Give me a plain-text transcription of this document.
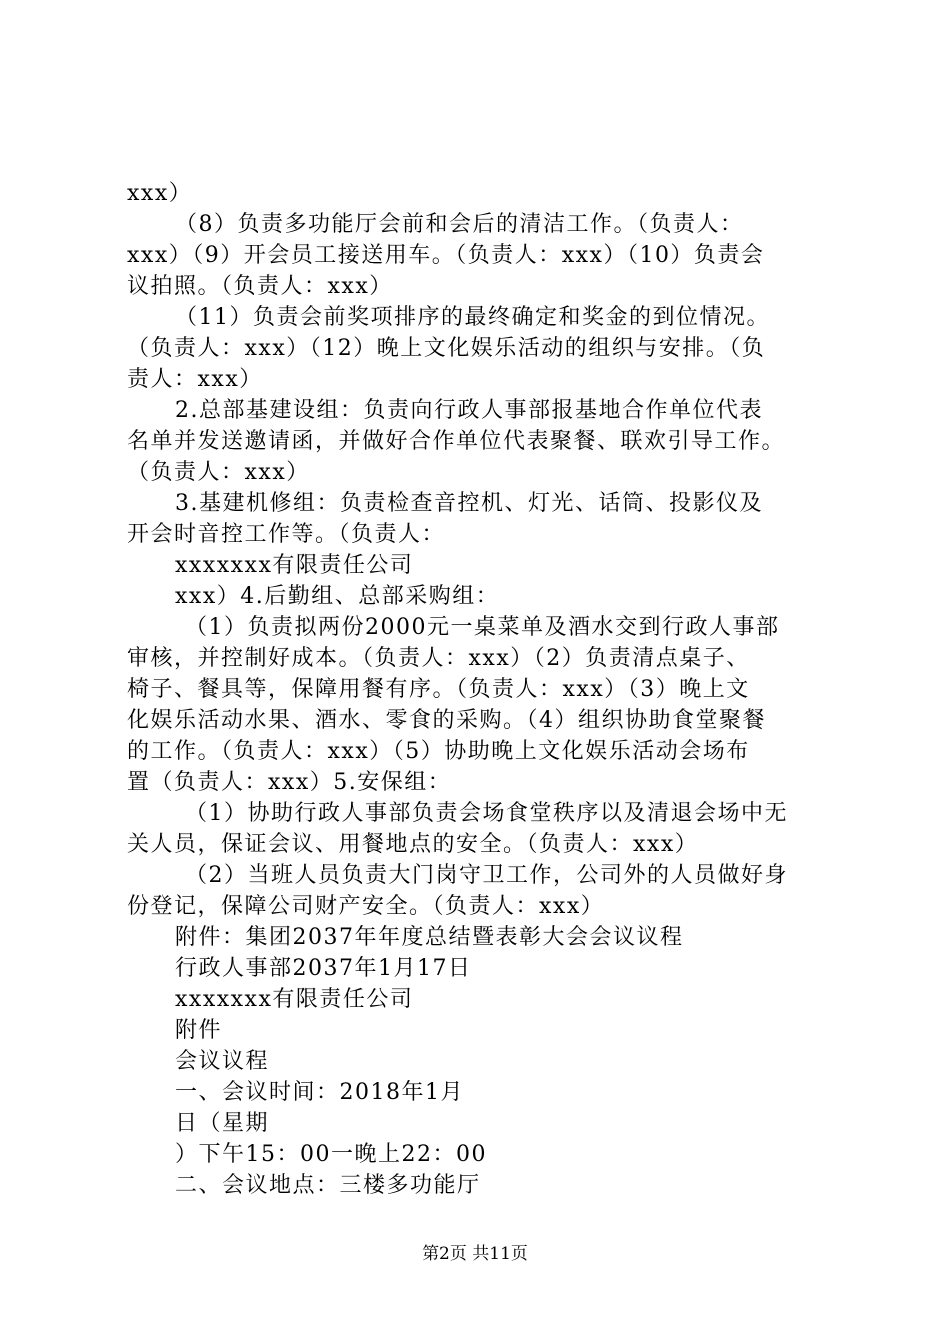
xxx）
（8）负责多功能厅会前和会后的清洁工作。（负责人：
xxx）（9）开会员工接送用车。（负责人：xxx）（10）负责会
议拍照。（负责人：xxx）
（11）负责会前奖项排序的最终确定和奖金的到位情况。
（负责人：xxx）（12）晚上文化娱乐活动的组织与安排。（负
责人：xxx）
2.总部基建设组：负责向行政人事部报基地合作单位代表
名单并发送邀请函，并做好合作单位代表聚餐、联欢引导工作。
（负责人：xxx）
3.基建机修组：负责检查音控机、灯光、话筒、投影仪及
开会时音控工作等。（负责人：
xxxxxxx有限责任公司
xxx）4.后勤组、总部采购组：
（1）负责拟两份2000元一桌菜单及酒水交到行政人事部
审核，并控制好成本。（负责人：xxx）（2）负责清点桌子、
椅子、餐具等，保障用餐有序。（负责人：xxx）（3）晚上文
化娱乐活动水果、酒水、零食的采购。（4）组织协助食堂聚餐
的工作。（负责人：xxx）（5）协助晚上文化娱乐活动会场布
置（负责人：xxx）5.安保组：
（1）协助行政人事部负责会场食堂秩序以及清退会场中无
关人员，保证会议、用餐地点的安全。（负责人：xxx）
（2）当班人员负责大门岗守卫工作，公司外的人员做好身
份登记，保障公司财产安全。（负责人：xxx）
附件：集团2037年年度总结暨表彰大会会议议程
行政人事部2037年1月17日
xxxxxxx有限责任公司
附件
会议议程
一、会议时间：2018年1月
日（星期
）下午15：00一晚上22：00
二、会议地点：三楼多功能厅
第2页 共11页
